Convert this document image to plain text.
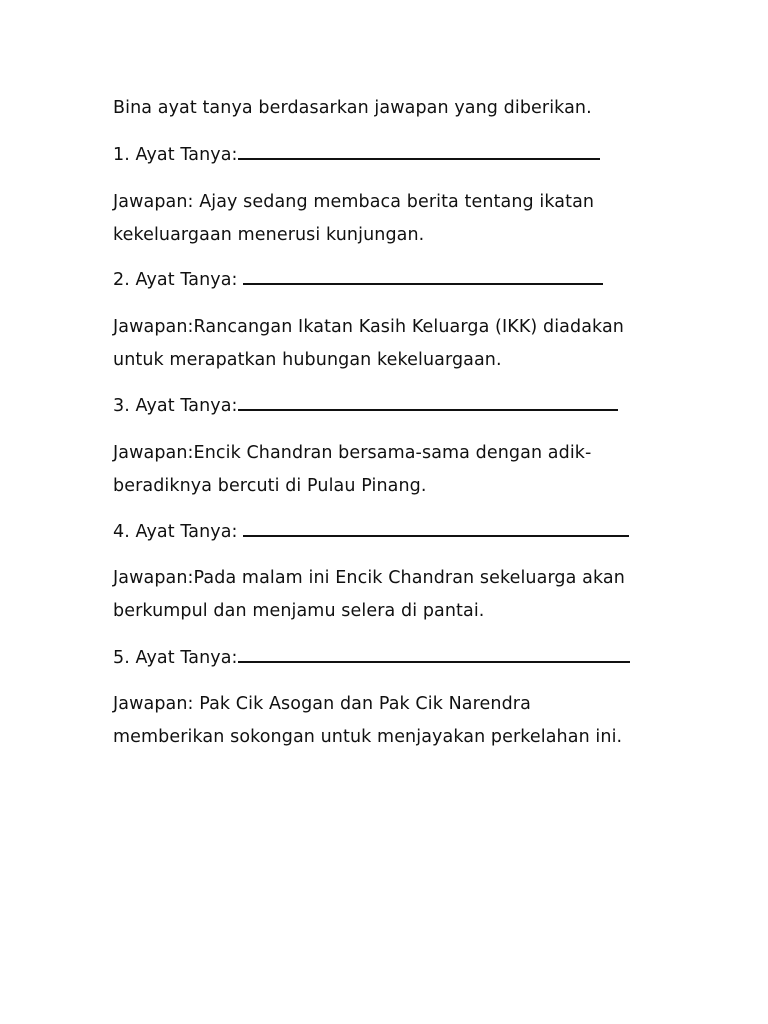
Bina ayat tanya berdasarkan jawapan yang diberikan.
1. Ayat Tanya:
Jawapan: Ajay sedang membaca berita tentang ikatan
kekeluargaan menerusi kunjungan.
2. Ayat Tanya:
Jawapan:Rancangan Ikatan Kasih Keluarga (IKK) diadakan
untuk merapatkan hubungan kekeluargaan.
3. Ayat Tanya:
Jawapan:Encik Chandran bersama-sama dengan adik-
beradiknya bercuti di Pulau Pinang.
4. Ayat Tanya:
Jawapan:Pada malam ini Encik Chandran sekeluarga akan
berkumpul dan menjamu selera di pantai.
5. Ayat Tanya:
Jawapan: Pak Cik Asogan dan Pak Cik Narendra
memberikan sokongan untuk menjayakan perkelahan ini.
